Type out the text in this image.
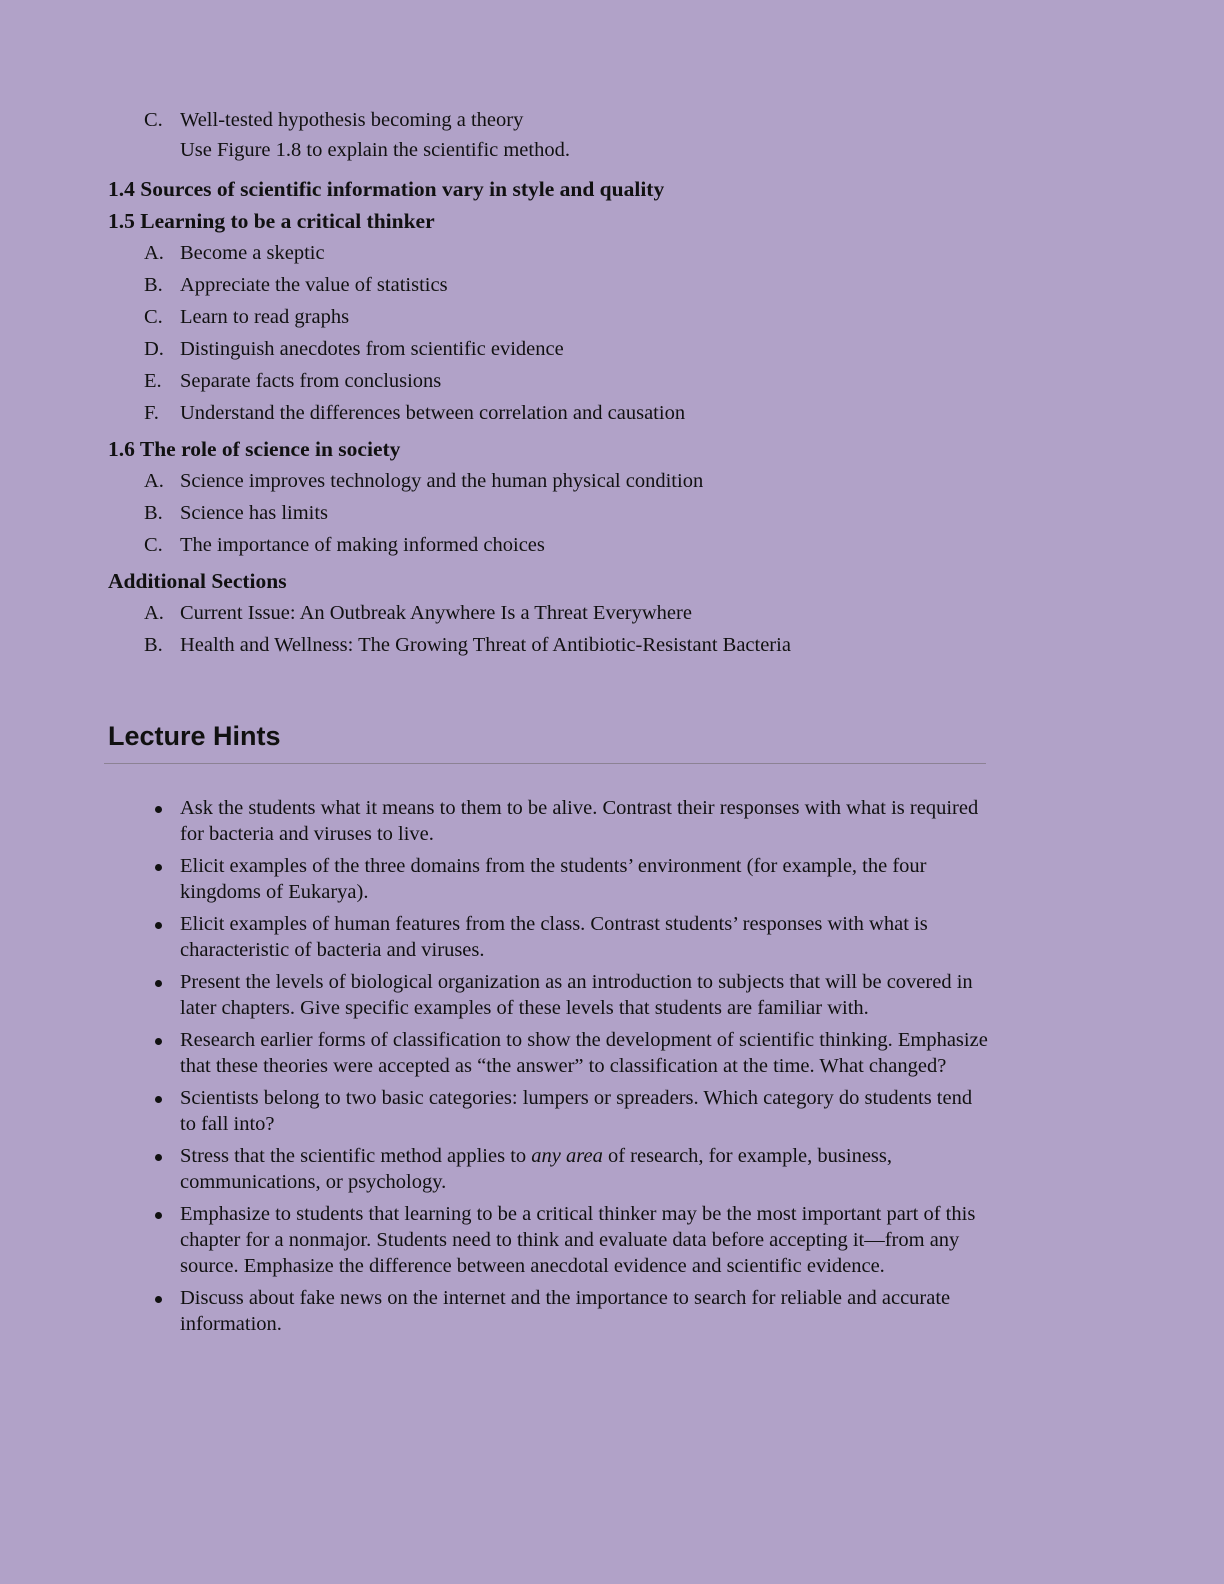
C. Well-tested hypothesis becoming a theory
Use Figure 1.8 to explain the scientific method.
1.4 Sources of scientific information vary in style and quality
1.5 Learning to be a critical thinker
A. Become a skeptic
B. Appreciate the value of statistics
C. Learn to read graphs
D. Distinguish anecdotes from scientific evidence
E. Separate facts from conclusions
F. Understand the differences between correlation and causation
1.6 The role of science in society
A. Science improves technology and the human physical condition
B. Science has limits
C. The importance of making informed choices
Additional Sections
A. Current Issue: An Outbreak Anywhere Is a Threat Everywhere
B. Health and Wellness: The Growing Threat of Antibiotic-Resistant Bacteria
Lecture Hints
Ask the students what it means to them to be alive. Contrast their responses with what is required for bacteria and viruses to live.
Elicit examples of the three domains from the students’ environment (for example, the four kingdoms of Eukarya).
Elicit examples of human features from the class. Contrast students’ responses with what is characteristic of bacteria and viruses.
Present the levels of biological organization as an introduction to subjects that will be covered in later chapters. Give specific examples of these levels that students are familiar with.
Research earlier forms of classification to show the development of scientific thinking. Emphasize that these theories were accepted as “the answer” to classification at the time. What changed?
Scientists belong to two basic categories: lumpers or spreaders. Which category do students tend to fall into?
Stress that the scientific method applies to any area of research, for example, business, communications, or psychology.
Emphasize to students that learning to be a critical thinker may be the most important part of this chapter for a nonmajor. Students need to think and evaluate data before accepting it—from any source. Emphasize the difference between anecdotal evidence and scientific evidence.
Discuss about fake news on the internet and the importance to search for reliable and accurate information.
